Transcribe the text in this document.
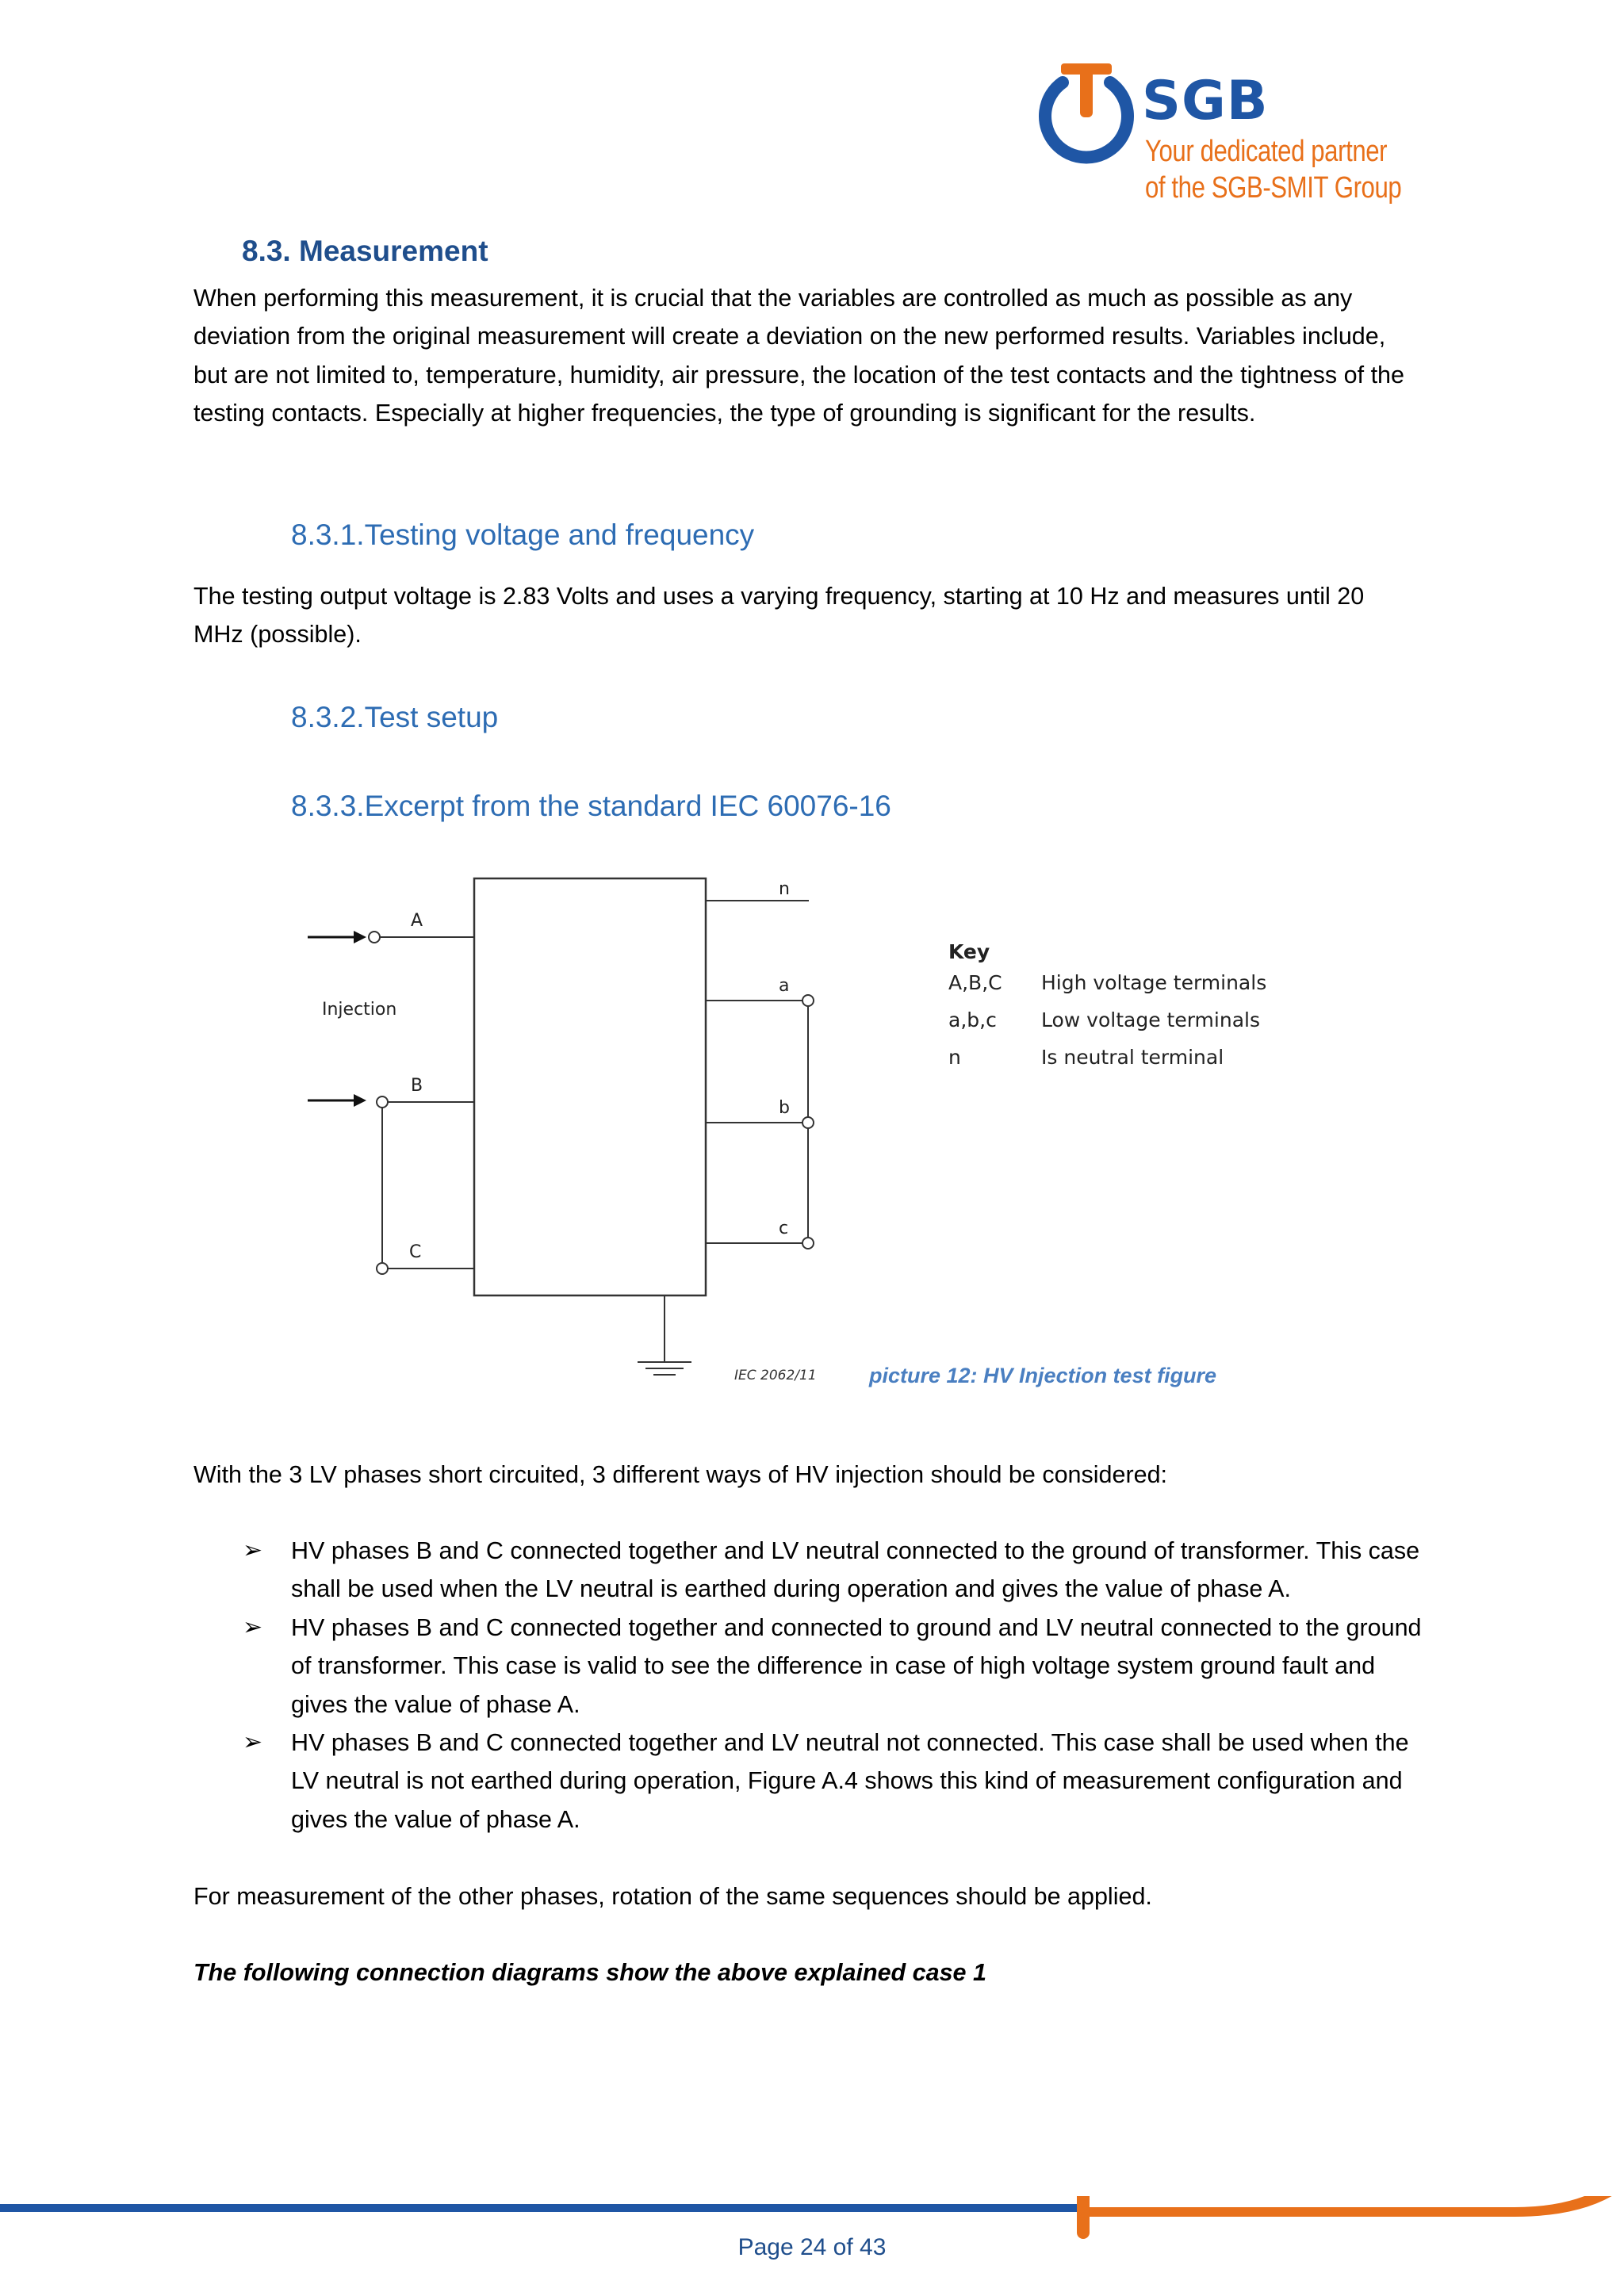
SGB
Your dedicated partner
of the SGB-SMIT Group
8.3. Measurement

When performing this measurement, it is crucial that the variables are controlled as much as possible as any deviation from the original measurement will create a deviation on the new performed results. Variables include, but are not limited to, temperature, humidity, air pressure, the location of the test contacts and the tightness of the testing contacts. Especially at higher frequencies, the type of grounding is significant for the results.

8.3.1.Testing voltage and frequency

The testing output voltage is 2.83 Volts and uses a varying frequency, starting at 10 Hz and measures until 20 MHz (possible).

8.3.2.Test setup
8.3.3.Excerpt from the standard IEC 60076-16
n
A
Injection
B
C
a
b
c
IEC 2062/11
Key
A,B,C High voltage terminals
a,b,c Low voltage terminals
n	Is neutral terminal
picture 12: HV Injection test figure

With the 3 LV phases short circuited, 3 different ways of HV injection should be considered:

➢ HV phases B and C connected together and LV neutral connected to the ground of transformer. This case shall be used when the LV neutral is earthed during operation and gives the value of phase A.
➢ HV phases B and C connected together and connected to ground and LV neutral connected to the ground of transformer. This case is valid to see the difference in case of high voltage system ground fault and gives the value of phase A.
➢ HV phases B and C connected together and LV neutral not connected. This case shall be used when the LV neutral is not earthed during operation, Figure A.4 shows this kind of measurement configuration and gives the value of phase A.

For measurement of the other phases, rotation of the same sequences should be applied.

The following connection diagrams show the above explained case 1

Page 24 of 43
